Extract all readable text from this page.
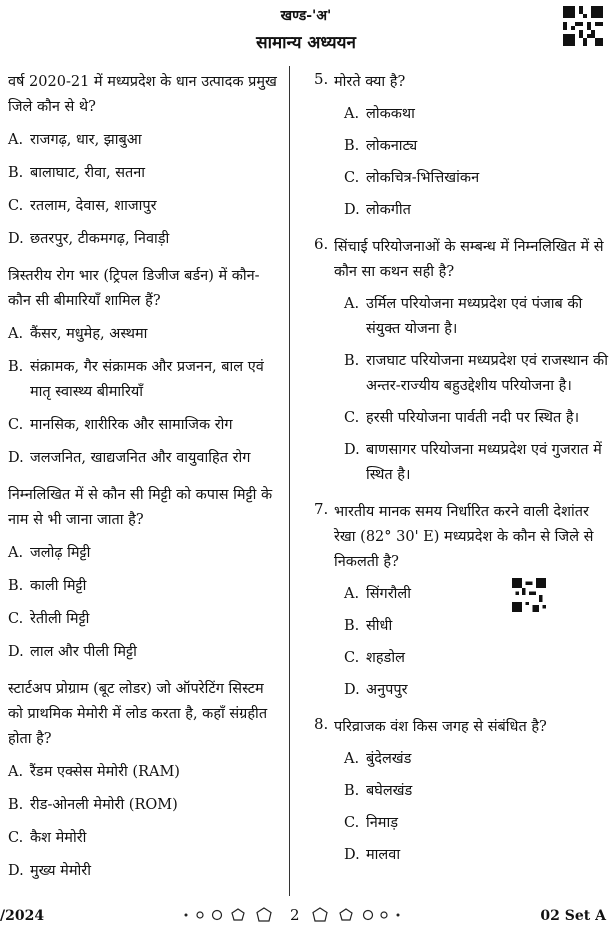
खण्ड-'अ'
सामान्य अध्ययन
वर्ष 2020-21 में मध्यप्रदेश के धान उत्पादक प्रमुख जिले कौन से थे?
A. राजगढ़, धार, झाबुआ
B. बालाघाट, रीवा, सतना
C. रतलाम, देवास, शाजापुर
D. छतरपुर, टीकमगढ़, निवाड़ी
त्रिस्तरीय रोग भार (ट्रिपल डिजीज बर्डन) में कौन-कौन सी बीमारियाँ शामिल हैं?
A. कैंसर, मधुमेह, अस्थमा
B. संक्रामक, गैर संक्रामक और प्रजनन, बाल एवं मातृ स्वास्थ्य बीमारियाँ
C. मानसिक, शारीरिक और सामाजिक रोग
D. जलजनित, खाद्यजनित और वायुवाहित रोग
निम्नलिखित में से कौन सी मिट्टी को कपास मिट्टी के नाम से भी जाना जाता है?
A. जलोढ़ मिट्टी
B. काली मिट्टी
C. रेतीली मिट्टी
D. लाल और पीली मिट्टी
स्टार्टअप प्रोग्राम (बूट लोडर) जो ऑपरेटिंग सिस्टम को प्राथमिक मेमोरी में लोड करता है, कहाँ संग्रहीत होता है?
A. रैंडम एक्सेस मेमोरी (RAM)
B. रीड-ओनली मेमोरी (ROM)
C. कैश मेमोरी
D. मुख्य मेमोरी
5. मोरते क्या है?
A. लोककथा
B. लोकनाट्य
C. लोकचित्र-भित्तिखांकन
D. लोकगीत
6. सिंचाई परियोजनाओं के सम्बन्ध में निम्नलिखित में से कौन सा कथन सही है?
A. उर्मिल परियोजना मध्यप्रदेश एवं पंजाब की संयुक्त योजना है।
B. राजघाट परियोजना मध्यप्रदेश एवं राजस्थान की अन्तर-राज्यीय बहुउद्देशीय परियोजना है।
C. हरसी परियोजना पार्वती नदी पर स्थित है।
D. बाणसागर परियोजना मध्यप्रदेश एवं गुजरात में स्थित है।
7. भारतीय मानक समय निर्धारित करने वाली देशांतर रेखा (82° 30' E) मध्यप्रदेश के कौन से जिले से निकलती है?
A. सिंगरौली
B. सीधी
C. शहडोल
D. अनुपपुर
8. परिव्राजक वंश किस जगह से संबंधित है?
A. बुंदेलखंड
B. बघेलखंड
C. निमाड़
D. मालवा
/2024	2	02 Set A
